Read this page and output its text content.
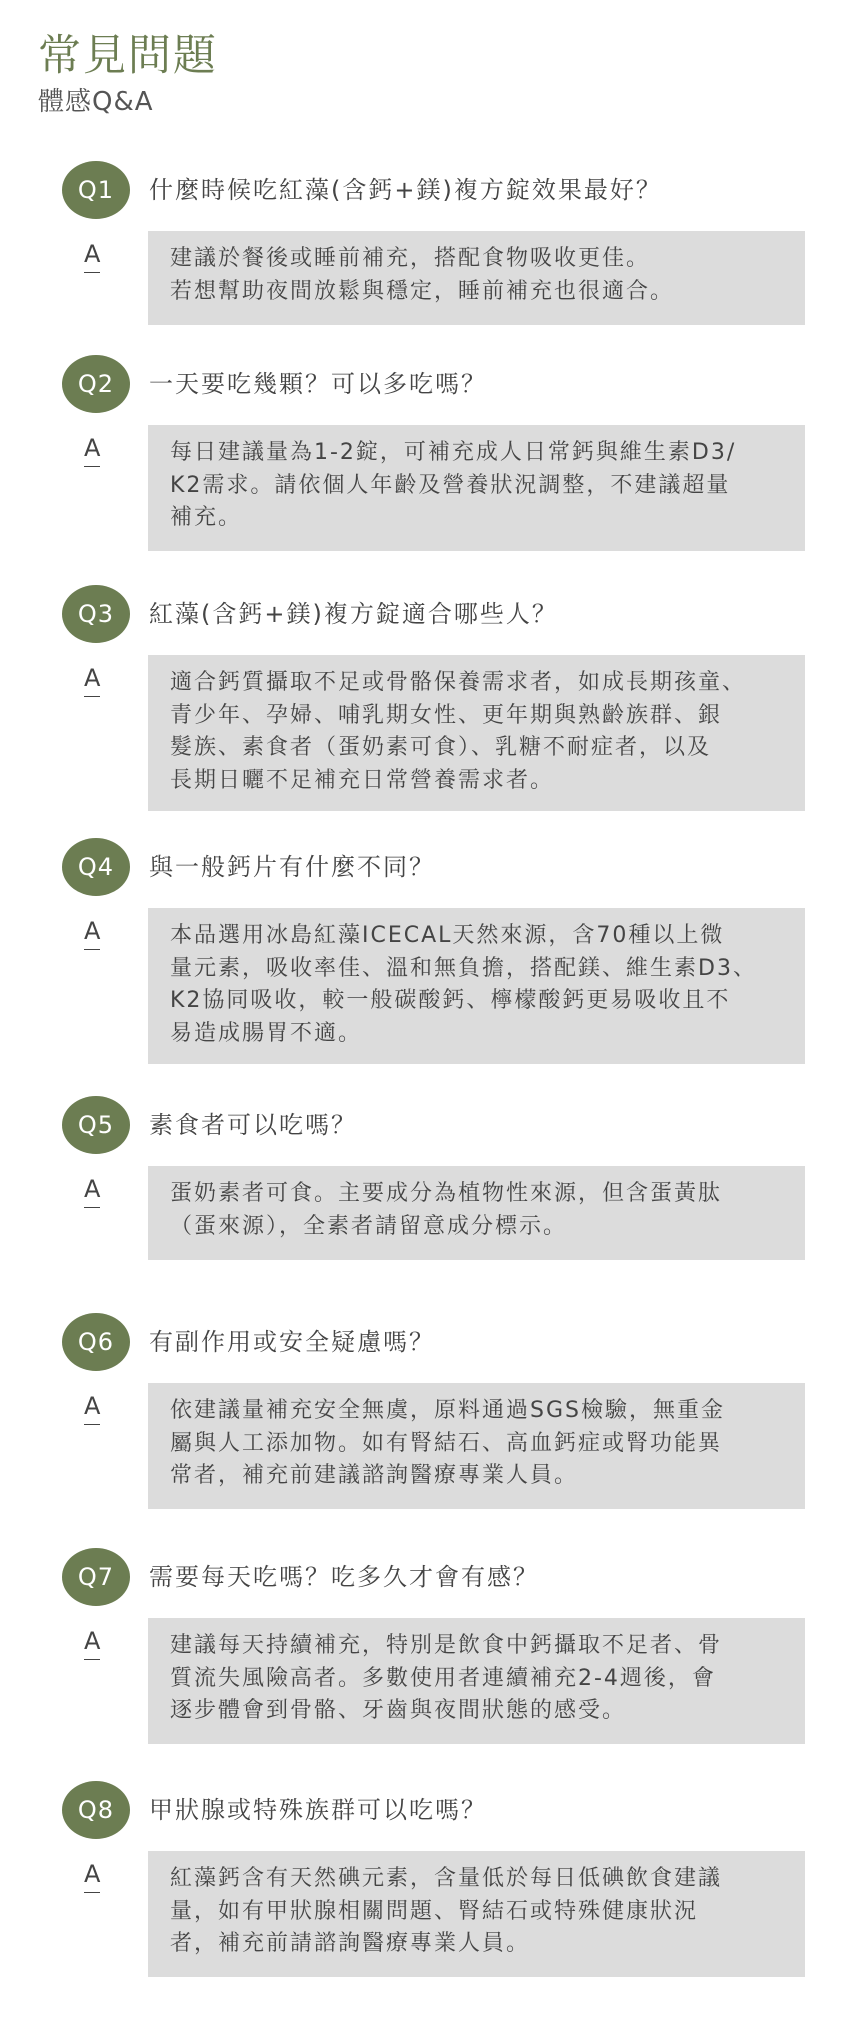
常見問題
體感Q&A
Q1	什麼時候吃紅藻(含鈣+鎂)複方錠效果最好？
A	建議於餐後或睡前補充，搭配食物吸收更佳。
若想幫助夜間放鬆與穩定，睡前補充也很適合。
Q2	一天要吃幾顆？可以多吃嗎？
A	每日建議量為1-2錠，可補充成人日常鈣與維生素D3/
K2需求。請依個人年齡及營養狀況調整，不建議超量
補充。
Q3	紅藻(含鈣+鎂)複方錠適合哪些人？
A	適合鈣質攝取不足或骨骼保養需求者，如成長期孩童、
青少年、孕婦、哺乳期女性、更年期與熟齡族群、銀
髮族、素食者（蛋奶素可食）、乳糖不耐症者，以及
長期日曬不足補充日常營養需求者。
Q4	與一般鈣片有什麼不同？
A	本品選用冰島紅藻ICECAL天然來源，含70種以上微
量元素，吸收率佳、溫和無負擔，搭配鎂、維生素D3、
K2協同吸收，較一般碳酸鈣、檸檬酸鈣更易吸收且不
易造成腸胃不適。
Q5	素食者可以吃嗎？
A	蛋奶素者可食。主要成分為植物性來源，但含蛋黃肽
（蛋來源），全素者請留意成分標示。
Q6	有副作用或安全疑慮嗎？
A	依建議量補充安全無虞，原料通過SGS檢驗，無重金
屬與人工添加物。如有腎結石、高血鈣症或腎功能異
常者，補充前建議諮詢醫療專業人員。
Q7	需要每天吃嗎？吃多久才會有感？
A	建議每天持續補充，特別是飲食中鈣攝取不足者、骨
質流失風險高者。多數使用者連續補充2-4週後，會
逐步體會到骨骼、牙齒與夜間狀態的感受。
Q8	甲狀腺或特殊族群可以吃嗎？
A	紅藻鈣含有天然碘元素，含量低於每日低碘飲食建議
量，如有甲狀腺相關問題、腎結石或特殊健康狀況
者，補充前請諮詢醫療專業人員。
